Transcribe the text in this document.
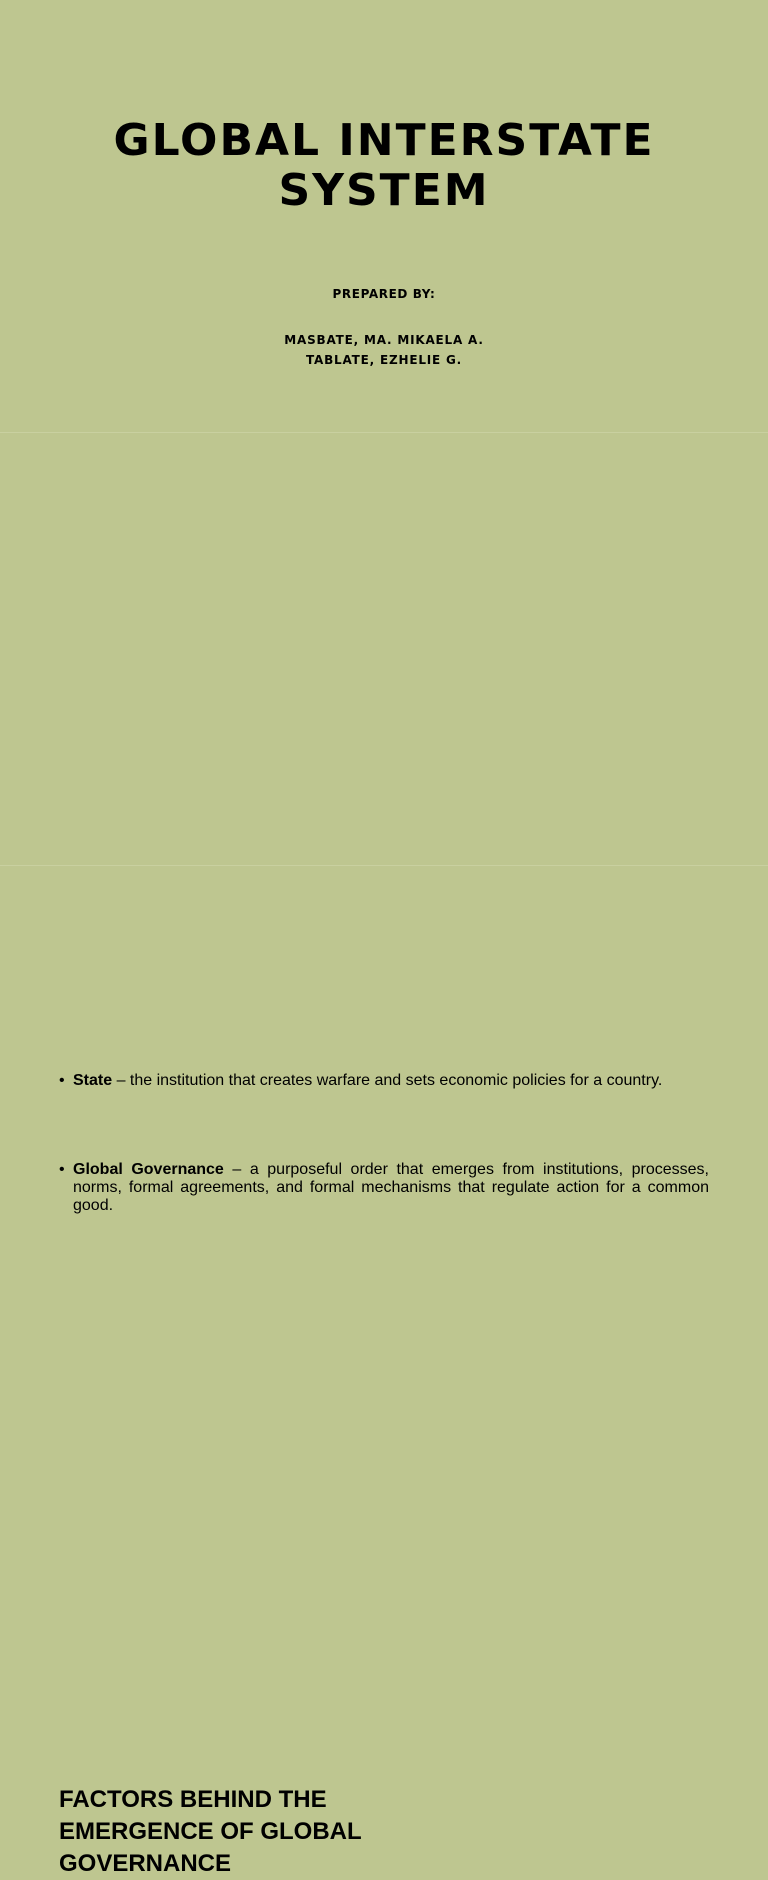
GLOBAL INTERSTATE
SYSTEM
PREPARED BY:
MASBATE, MA. MIKAELA A.
TABLATE, EZHELIE G.
• State – the institution that creates warfare and sets economic policies for a country.
• Global Governance – a purposeful order that emerges from institutions, processes, norms, formal agreements, and formal mechanisms that regulate action for a common good.
FACTORS BEHIND THE
EMERGENCE OF GLOBAL
GOVERNANCE
